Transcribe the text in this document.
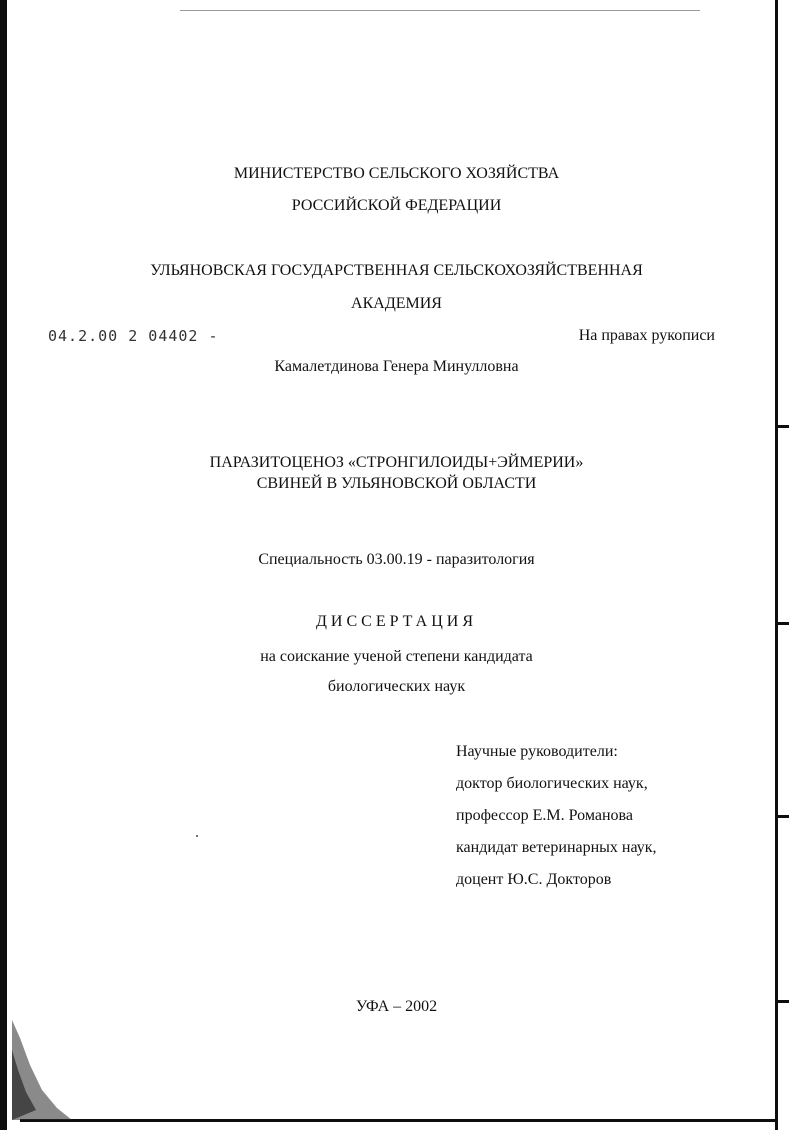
МИНИСТЕРСТВО СЕЛЬСКОГО ХОЗЯЙСТВА
РОССИЙСКОЙ ФЕДЕРАЦИИ
УЛЬЯНОВСКАЯ ГОСУДАРСТВЕННАЯ СЕЛЬСКОХОЗЯЙСТВЕННАЯ
АКАДЕМИЯ
04.2.00 2 04402 -	На правах рукописи
Камалетдинова Генера Минулловна
ПАРАЗИТОЦЕНОЗ «СТРОНГИЛОИДЫ+ЭЙМЕРИИ»
СВИНЕЙ В УЛЬЯНОВСКОЙ ОБЛАСТИ
Специальность 03.00.19 - паразитология
ДИССЕРТАЦИЯ
на соискание ученой степени кандидата
биологических наук
Научные руководители:
доктор биологических наук,
профессор Е.М. Романова
кандидат ветеринарных наук,
доцент Ю.С. Докторов
УФА – 2002
